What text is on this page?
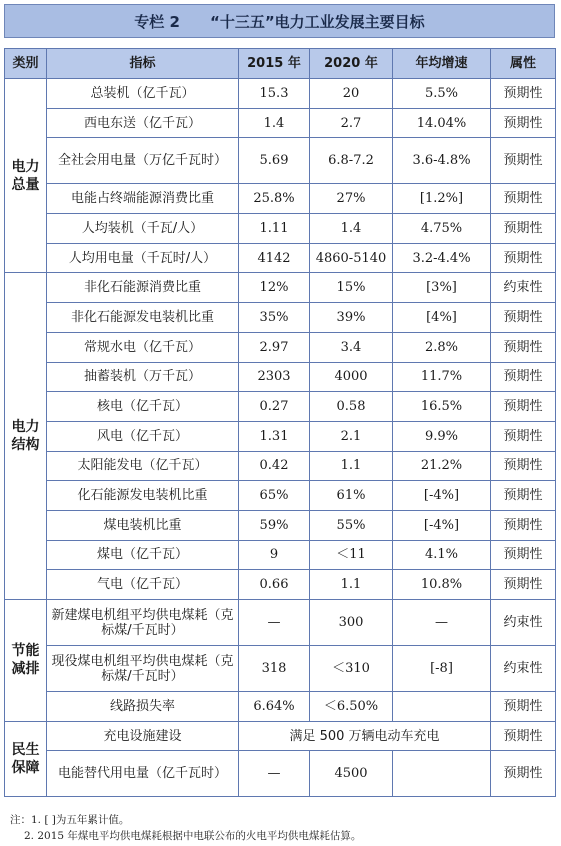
专栏 2 “十三五”电力工业发展主要目标
类别	指标	2015 年	2020 年	年均增速	属性
电力总量	总装机（亿千瓦）	15.3	20	5.5%	预期性
	西电东送（亿千瓦）	1.4	2.7	14.04%	预期性
	全社会用电量（万亿千瓦时）	5.69	6.8-7.2	3.6-4.8%	预期性
	电能占终端能源消费比重	25.8%	27%	[1.2%]	预期性
	人均装机（千瓦/人）	1.11	1.4	4.75%	预期性
	人均用电量（千瓦时/人）	4142	4860-5140	3.2-4.4%	预期性
电力结构	非化石能源消费比重	12%	15%	[3%]	约束性
	非化石能源发电装机比重	35%	39%	[4%]	预期性
	常规水电（亿千瓦）	2.97	3.4	2.8%	预期性
	抽蓄装机（万千瓦）	2303	4000	11.7%	预期性
	核电（亿千瓦）	0.27	0.58	16.5%	预期性
	风电（亿千瓦）	1.31	2.1	9.9%	预期性
	太阳能发电（亿千瓦）	0.42	1.1	21.2%	预期性
	化石能源发电装机比重	65%	61%	[-4%]	预期性
	煤电装机比重	59%	55%	[-4%]	预期性
	煤电（亿千瓦）	9	＜11	4.1%	预期性
	气电（亿千瓦）	0.66	1.1	10.8%	预期性
节能减排	新建煤电机组平均供电煤耗（克标煤/千瓦时）	—	300	—	约束性
	现役煤电机组平均供电煤耗（克标煤/千瓦时）	318	＜310	[-8]	约束性
	线路损失率	6.64%	＜6.50%		预期性
民生保障	充电设施建设	满足 500 万辆电动车充电			预期性
	电能替代用电量（亿千瓦时）	—	4500		预期性
注：1. [ ]为五年累计值。
2. 2015 年煤电平均供电煤耗根据中电联公布的火电平均供电煤耗估算。
